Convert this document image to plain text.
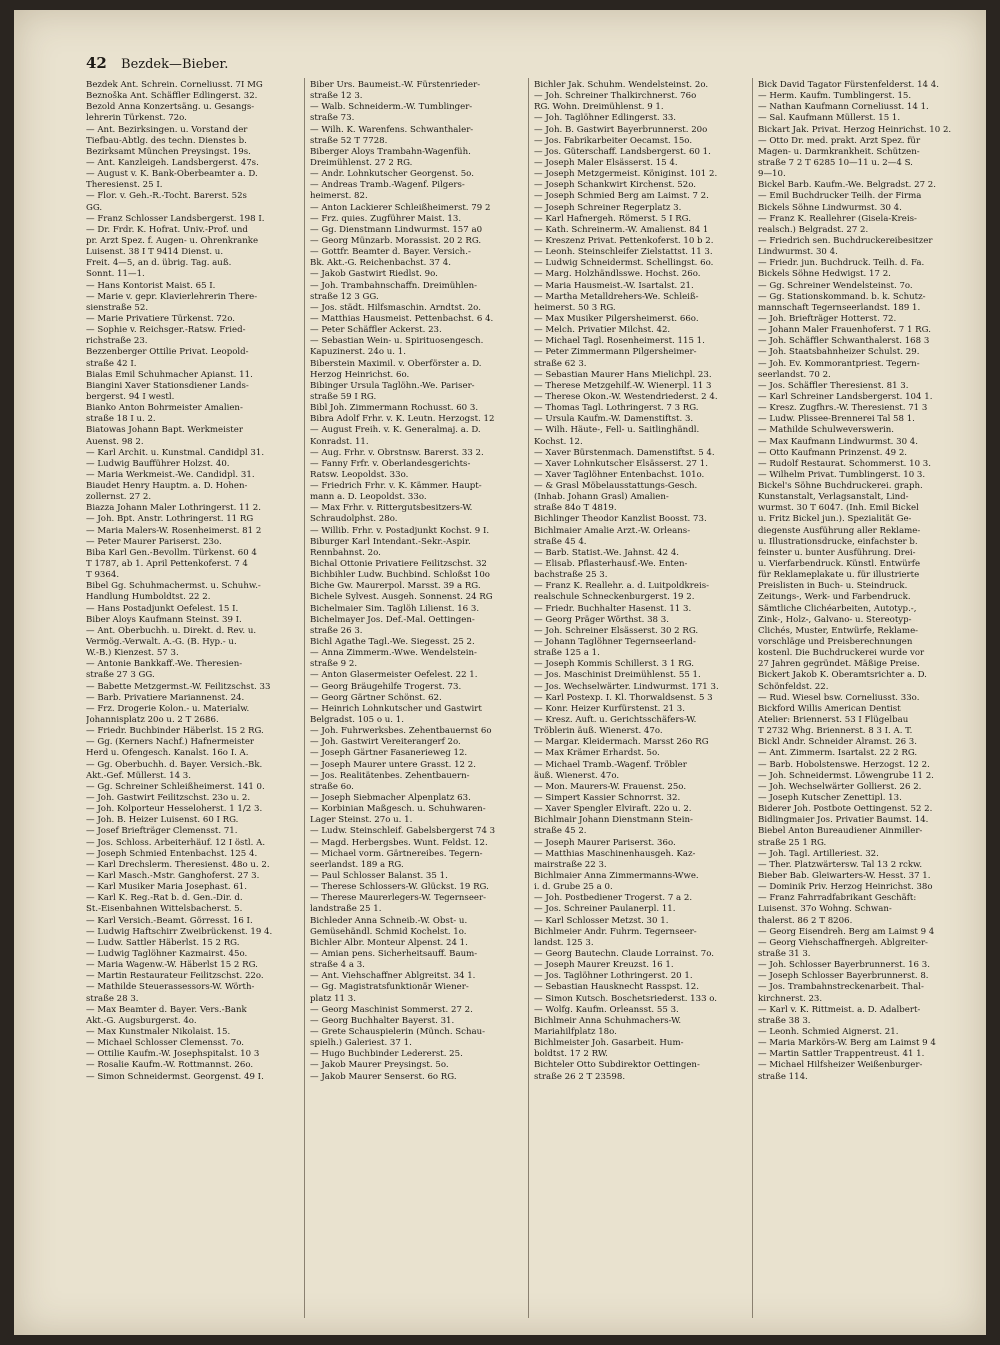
42 Bezdek—Bieber.
Bezdek Ant. Schrein. Corneliusst. 7I MG
Beznoška Ant. Schäffler Edlingerst. 32.
Bezold Anna Konzertsäng. u. Gesangs-
lehrerin Türkenst. 72o.
— Ant. Bezirksingen. u. Vorstand der
Tiefbau-Abtlg. des techn. Dienstes b.
Bezirksamt München Preysingst. 19s.
— Ant. Kanzleigeh. Landsbergerst. 47s.
— August v. K. Bank-Oberbeamter a. D.
Theresienst. 25 I.
— Flor. v. Geh.-R.-Tocht. Barerst. 52s
GG.
— Franz Schlosser Landsbergerst. 198 I.
— Dr. Frdr. K. Hofrat. Univ.-Prof. und
pr. Arzt Spez. f. Augen- u. Ohrenkranke
Luisenst. 38 I T 9414 Dienst. u.
Freit. 4—5, an d. übrig. Tag. auß.
Sonnt. 11—1.
— Hans Kontorist Maist. 65 I.
— Marie v. gepr. Klavierlehrerin There-
sienstraße 52.
— Marie Privatiere Türkenst. 72o.
— Sophie v. Reichsger.-Ratsw. Fried-
richstraße 23.
Bezzenberger Ottilie Privat. Leopold-
straße 42 I.
Bialas Emil Schuhmacher Apianst. 11.
Biangini Xaver Stationsdiener Lands-
bergerst. 94 I westl.
Bianko Anton Bohrmeister Amalien-
straße 18 I u. 2.
Biatowas Johann Bapt. Werkmeister
Auenst. 98 2.
— Karl Archit. u. Kunstmal. Candidpl 31.
— Ludwig Baufführer Holzst. 40.
— Maria Werkmeist.-We. Candidpl. 31.
Biaudet Henry Hauptm. a. D. Hohen-
zollernst. 27 2.
Biazza Johann Maler Lothringerst. 11 2.
— Joh. Bpt. Anstr. Lothringerst. 11 RG
— Maria Malers-W. Rosenheimerst. 81 2
— Peter Maurer Pariserst. 23o.
Biba Karl Gen.-Bevollm. Türkenst. 60 4
T 1787, ab 1. April Pettenkoferst. 7 4
T 9364.
Bibel Gg. Schuhmachermst. u. Schuhw.-
Handlung Humboldtst. 22 2.
— Hans Postadjunkt Oefelest. 15 I.
Biber Aloys Kaufmann Steinst. 39 I.
— Ant. Oberbuchh. u. Direkt. d. Rev. u.
Vermög.-Verwalt. A.-G. (B. Hyp.- u.
W.-B.) Kienzest. 57 3.
— Antonie Bankkaff.-We. Theresien-
straße 27 3 GG.
— Babette Metzgermst.-W. Feilitzschst. 33
— Barb. Privatiere Mariannenst. 24.
— Frz. Drogerie Kolon.- u. Materialw.
Johannisplatz 20o u. 2 T 2686.
— Friedr. Buchbinder Häberlst. 15 2 RG.
— Gg. (Kerners Nachf.) Hafnermeister
Herd u. Ofengesch. Kanalst. 16o I. A.
— Gg. Oberbuchh. d. Bayer. Versich.-Bk.
Akt.-Gef. Müllerst. 14 3.
— Gg. Schreiner Schleißheimerst. 141 0.
— Joh. Gastwirt Feilitzschst. 23o u. 2.
— Joh. Kolporteur Hesseloherst. 1 1/2 3.
— Joh. B. Heizer Luisenst. 60 I RG.
— Josef Briefträger Clemensst. 71.
— Jos. Schloss. Arbeiterhäuf. 12 I östl. A.
— Joseph Schmied Entenbachst. 125 4.
— Karl Drechslerm. Theresienst. 48o u. 2.
— Karl Masch.-Mstr. Ganghoferst. 27 3.
— Karl Musiker Maria Josephast. 61.
— Karl K. Reg.-Rat b. d. Gen.-Dir. d.
St.-Eisenbahnen Wittelsbacherst. 5.
— Karl Versich.-Beamt. Görresst. 16 I.
— Ludwig Haftschirr Zweibrückenst. 19 4.
— Ludw. Sattler Häberlst. 15 2 RG.
— Ludwig Taglöhner Kazmairst. 45o.
— Maria Wagenw.-W. Häberlst 15 2 RG.
— Martin Restaurateur Feilitzschst. 22o.
— Mathilde Steuerassessors-W. Wörth-
straße 28 3.
— Max Beamter d. Bayer. Vers.-Bank
Akt.-G. Augsburgerst. 4o.
— Max Kunstmaler Nikolaist. 15.
— Michael Schlosser Clemensst. 7o.
— Ottilie Kaufm.-W. Josephspitalst. 10 3
— Rosalie Kaufm.-W. Rottmannst. 26o.
— Simon Schneidermst. Georgenst. 49 I.
Biber Urs. Baumeist.-W. Fürstenrieder-
straße 12 3.
— Walb. Schneiderm.-W. Tumblinger-
straße 73.
— Wilh. K. Warenfens. Schwanthaler-
straße 52 T 7728.
Biberger Aloys Trambahn-Wagenfüh.
Dreimühlenst. 27 2 RG.
— Andr. Lohnkutscher Georgenst. 5o.
— Andreas Tramb.-Wagenf. Pilgers-
heimerst. 82.
— Anton Lackierer Schleißheimerst. 79 2
— Frz. quies. Zugführer Maist. 13.
— Gg. Dienstmann Lindwurmst. 157 a0
— Georg Münzarb. Morassist. 20 2 RG.
— Gottfr. Beamter d. Bayer. Versich.-
Bk. Akt.-G. Reichenbachst. 37 4.
— Jakob Gastwirt Riedlst. 9o.
— Joh. Trambahnschaffn. Dreimühlen-
straße 12 3 GG.
— Jos. städt. Hilfsmaschin. Arndtst. 2o.
— Matthias Hausmeist. Pettenbachst. 6 4.
— Peter Schäffler Ackerst. 23.
— Sebastian Wein- u. Spirituosengesch.
Kapuzinerst. 24o u. 1.
Biberstein Maximil. v. Oberförster a. D.
Herzog Heinrichst. 6o.
Bibinger Ursula Taglöhn.-We. Pariser-
straße 59 I RG.
Bibl Joh. Zimmermann Rochusst. 60 3.
Bibra Adolf Frhr. v. K. Leutn. Herzogst. 12
— August Freih. v. K. Generalmaj. a. D.
Konradst. 11.
— Aug. Frhr. v. Obrstnsw. Barerst. 33 2.
— Fanny Frfr. v. Oberlandesgerichts-
Ratsw. Leopoldst. 33o.
— Friedrich Frhr. v. K. Kämmer. Haupt-
mann a. D. Leopoldst. 33o.
— Max Frhr. v. Rittergutsbesitzers-W.
Schraudolphst. 28o.
— Willib. Frhr. v. Postadjunkt Kochst. 9 I.
Biburger Karl Intendant.-Sekr.-Aspir.
Rennbahnst. 2o.
Bichal Ottonie Privatiere Feilitzschst. 32
Bichbihler Ludw. Buchbind. Schloßst 10o
Biche Gw. Maurerpol. Marsst. 39 a RG.
Bichele Sylvest. Ausgeh. Sonnenst. 24 RG
Bichelmaier Sim. Taglöh Lilienst. 16 3.
Bichelmayer Jos. Def.-Mal. Oettingen-
straße 26 3.
Bichl Agathe Tagl.-We. Siegesst. 25 2.
— Anna Zimmerm.-Wwe. Wendelstein-
straße 9 2.
— Anton Glasermeister Oefelest. 22 1.
— Georg Bräugehilfe Trogerst. 73.
— Georg Gärtner Schönst. 62.
— Heinrich Lohnkutscher und Gastwirt
Belgradst. 105 o u. 1.
— Joh. Fuhrwerksbes. Zehentbauernst 6o
— Joh. Gastwirt Vereiterangerf 2o.
— Joseph Gärtner Fasanerieweg 12.
— Joseph Maurer untere Grasst. 12 2.
— Jos. Realitätenbes. Zehentbauern-
straße 6o.
— Joseph Siebmacher Alpenplatz 63.
— Korbinian Maßgesch. u. Schuhwaren-
Lager Steinst. 27o u. 1.
— Ludw. Steinschleif. Gabelsbergerst 74 3
— Magd. Herbergsbes. Wunt. Feldst. 12.
— Michael vorm. Gärtnereibes. Tegern-
seerlandst. 189 a RG.
— Paul Schlosser Balanst. 35 1.
— Therese Schlossers-W. Glückst. 19 RG.
— Therese Maurerlegers-W. Tegernseer-
landstraße 25 1.
Bichleder Anna Schneib.-W. Obst- u.
Gemüsehändl. Schmid Kochelst. 1o.
Bichler Albr. Monteur Alpenst. 24 1.
— Amian pens. Sicherheitsauff. Baum-
straße 4 a 3.
— Ant. Viehschaffner Ablgreitst. 34 1.
— Gg. Magistratsfunktionär Wiener-
platz 11 3.
— Georg Maschinist Sommerst. 27 2.
— Georg Buchhalter Bayerst. 31.
— Grete Schauspielerin (Münch. Schau-
spielh.) Galeriest. 37 1.
— Hugo Buchbinder Ledererst. 25.
— Jakob Maurer Preysingst. 5o.
— Jakob Maurer Senserst. 6o RG.
Bichler Jak. Schuhm. Wendelsteinst. 2o.
— Joh. Schreiner Thalkirchnerst. 76o
RG. Wohn. Dreimühlenst. 9 1.
— Joh. Taglöhner Edlingerst. 33.
— Joh. B. Gastwirt Bayerbrunnerst. 20o
— Jos. Fabrikarbeiter Oecamst. 15o.
— Jos. Güterschaff. Landsbergerst. 60 1.
— Joseph Maler Elsässerst. 15 4.
— Joseph Metzgermeist. Königinst. 101 2.
— Joseph Schankwirt Kirchenst. 52o.
— Joseph Schmied Berg am Laimst. 7 2.
— Joseph Schreiner Regerplatz 3.
— Karl Hafnergeh. Römerst. 5 I RG.
— Kath. Schreinerm.-W. Amalienst. 84 1
— Kreszenz Privat. Pettenkoferst. 10 b 2.
— Leonh. Steinschleifer Zielstattst. 11 3.
— Ludwig Schneidermst. Schellingst. 6o.
— Marg. Holzhändlsswe. Hochst. 26o.
— Maria Hausmeist.-W. Isartalst. 21.
— Martha Metalldrehers-We. Schleiß-
heimerst. 50 3 RG.
— Max Musiker Pilgersheimerst. 66o.
— Melch. Privatier Milchst. 42.
— Michael Tagl. Rosenheimerst. 115 1.
— Peter Zimmermann Pilgersheimer-
straße 62 3.
— Sebastian Maurer Hans Mielichpl. 23.
— Therese Metzgehilf.-W. Wienerpl. 11 3
— Therese Ökon.-W. Westendriederst. 2 4.
— Thomas Tagl. Lothringerst. 7 3 RG.
— Ursula Kaufm.-W. Damenstiftst. 3.
— Wilh. Häute-, Fell- u. Saitlinghändl.
Kochst. 12.
— Xaver Bürstenmach. Damenstiftst. 5 4.
— Xaver Lohnkutscher Elsässerst. 27 1.
— Xaver Taglöhner Entenbachst. 101o.
— & Grasl Möbelausstattungs-Gesch.
(Inhab. Johann Grasl) Amalien-
straße 84o T 4819.
Bichlinger Theodor Kanzlist Boosst. 73.
Bichlmaier Amalie Arzt.-W. Orleans-
straße 45 4.
— Barb. Statist.-We. Jahnst. 42 4.
— Elisab. Pflasterhausf.-We. Enten-
bachstraße 25 3.
— Franz K. Reallehr. a. d. Luitpoldkreis-
realschule Schneckenburgerst. 19 2.
— Friedr. Buchhalter Hasenst. 11 3.
— Georg Präger Wörthst. 38 3.
— Joh. Schreiner Elsässerst. 30 2 RG.
— Johann Taglöhner Tegernseerland-
straße 125 a 1.
— Joseph Kommis Schillerst. 3 1 RG.
— Jos. Maschinist Dreimühlenst. 55 1.
— Jos. Wechselwärter. Lindwurmst. 171 3.
— Karl Postexp. I. Kl. Thorwaldsenst. 5 3
— Konr. Heizer Kurfürstenst. 21 3.
— Kresz. Auft. u. Gerichtsschäfers-W.
Tröblerin äuß. Wienerst. 47o.
— Margar. Kleidermach. Marsst 26o RG
— Max Krämer Erhardst. 5o.
— Michael Tramb.-Wagenf. Tröbler
äuß. Wienerst. 47o.
— Mon. Maurers-W. Frauenst. 25o.
— Simpert Kassier Schnorrst. 32.
— Xaver Spengler Elviraft. 22o u. 2.
Bichlmair Johann Dienstmann Stein-
straße 45 2.
— Joseph Maurer Pariserst. 36o.
— Matthias Maschinenhausgeh. Kaz-
mairstraße 22 3.
Bichlmaier Anna Zimmermanns-Wwe.
i. d. Grube 25 a 0.
— Joh. Postbediener Trogerst. 7 a 2.
— Jos. Schreiner Paulanerpl. 11.
— Karl Schlosser Metzst. 30 1.
Bichlmeier Andr. Fuhrm. Tegernseer-
landst. 125 3.
— Georg Bautechn. Claude Lorrainst. 7o.
— Joseph Maurer Kreuzst. 16 1.
— Jos. Taglöhner Lothringerst. 20 1.
— Sebastian Hausknecht Rasspst. 12.
— Simon Kutsch. Boschetsriederst. 133 o.
— Wolfg. Kaufm. Orleansst. 55 3.
Bichlmeir Anna Schuhmachers-W.
Mariahilfplatz 18o.
Bichlmeister Joh. Gasarbeit. Hum-
boldtst. 17 2 RW.
Bichteler Otto Subdirektor Oettingen-
straße 26 2 T 23598.
Bick David Tagator Fürstenfelderst. 14 4.
— Herm. Kaufm. Tumblingerst. 15.
— Nathan Kaufmann Corneliusst. 14 1.
— Sal. Kaufmann Müllerst. 15 1.
Bickart Jak. Privat. Herzog Heinrichst. 10 2.
— Otto Dr. med. prakt. Arzt Spez. für
Magen- u. Darmkrankheit. Schützen-
straße 7 2 T 6285 10—11 u. 2—4 S.
9—10.
Bickel Barb. Kaufm.-We. Belgradst. 27 2.
— Emil Buchdrucker Teilh. der Firma
Bickels Söhne Lindwurmst. 30 4.
— Franz K. Reallehrer (Gisela-Kreis-
realsch.) Belgradst. 27 2.
— Friedrich sen. Buchdruckereibesitzer
Lindwurmst. 30 4.
— Friedr. jun. Buchdruck. Teilh. d. Fa.
Bickels Söhne Hedwigst. 17 2.
— Gg. Schreiner Wendelsteinst. 7o.
— Gg. Stationskommand. b. k. Schutz-
mannschaft Tegernseerlandst. 189 1.
— Joh. Briefträger Hotterst. 72.
— Johann Maler Frauenhoferst. 7 1 RG.
— Joh. Schäffler Schwanthalerst. 168 3
— Joh. Staatsbahnheizer Schulst. 29.
— Joh. Ev. Kommorantpriest. Tegern-
seerlandst. 70 2.
— Jos. Schäffler Theresienst. 81 3.
— Karl Schreiner Landsbergerst. 104 1.
— Kresz. Zugfhrs.-W. Theresienst. 71 3
— Ludw. Plissee-Brennerei Tal 58 1.
— Mathilde Schulweverswerin.
— Max Kaufmann Lindwurmst. 30 4.
— Otto Kaufmann Prinzenst. 49 2.
— Rudolf Restaurat. Schommerst. 10 3.
— Wilhelm Privat. Tumblingerst. 10 3.
Bickel's Söhne Buchdruckerei. graph.
Kunstanstalt, Verlagsanstalt, Lind-
wurmst. 30 T 6047. (Inh. Emil Bickel
u. Fritz Bickel jun.). Spezialität Ge-
diegenste Ausführung aller Reklame-
u. Illustrationsdrucke, einfachster b.
feinster u. bunter Ausführung. Drei-
u. Vierfarbendruck. Künstl. Entwürfe
für Reklameplakate u. für illustrierte
Preislisten in Buch- u. Steindruck.
Zeitungs-, Werk- und Farbendruck.
Sämtliche Clichéarbeiten, Autotyp.-,
Zink-, Holz-, Galvano- u. Stereotyp-
Clichés, Muster, Entwürfe, Reklame-
vorschläge und Preisberechnungen
kostenl. Die Buchdruckerei wurde vor
27 Jahren gegründet. Mäßige Preise.
Bickert Jakob K. Oberamtsrichter a. D.
Schönfeldst. 22.
— Rud. Wiesel bsw. Corneliusst. 33o.
Bickford Willis American Dentist
Atelier: Briennerst. 53 I Flügelbau
T 2732 Whg. Briennerst. 8 3 I. A. T.
Bickl Andr. Schneider Alramst. 26 3.
— Ant. Zimmerm. Isartalst. 22 2 RG.
— Barb. Hobolstenswe. Herzogst. 12 2.
— Joh. Schneidermst. Löwengrube 11 2.
— Joh. Wechselwärter Gollierst. 26 2.
— Joseph Kutscher Zenettipl. 13.
Biderer Joh. Postbote Oettingenst. 52 2.
Bidlingmaier Jos. Privatier Baumst. 14.
Biebel Anton Bureaudiener Ainmiller-
straße 25 1 RG.
— Joh. Tagl. Artilleriest. 32.
— Ther. Platzwärtersw. Tal 13 2 rckw.
Bieber Bab. Gleiwarters-W. Hesst. 37 1.
— Dominik Priv. Herzog Heinrichst. 38o
— Franz Fahrradfabrikant Geschäft:
Luisenst. 37o Wohng. Schwan-
thalerst. 86 2 T 8206.
— Georg Eisendreh. Berg am Laimst 9 4
— Georg Viehschaffnergeh. Ablgreiter-
straße 31 3.
— Joh. Schlosser Bayerbrunnerst. 16 3.
— Joseph Schlosser Bayerbrunnerst. 8.
— Jos. Trambahnstreckenarbeit. Thal-
kirchnerst. 23.
— Karl v. K. Rittmeist. a. D. Adalbert-
straße 38 3.
— Leonh. Schmied Aignerst. 21.
— Maria Markörs-W. Berg am Laimst 9 4
— Martin Sattler Trappentreust. 41 1.
— Michael Hilfsheizer Weißenburger-
straße 114.
